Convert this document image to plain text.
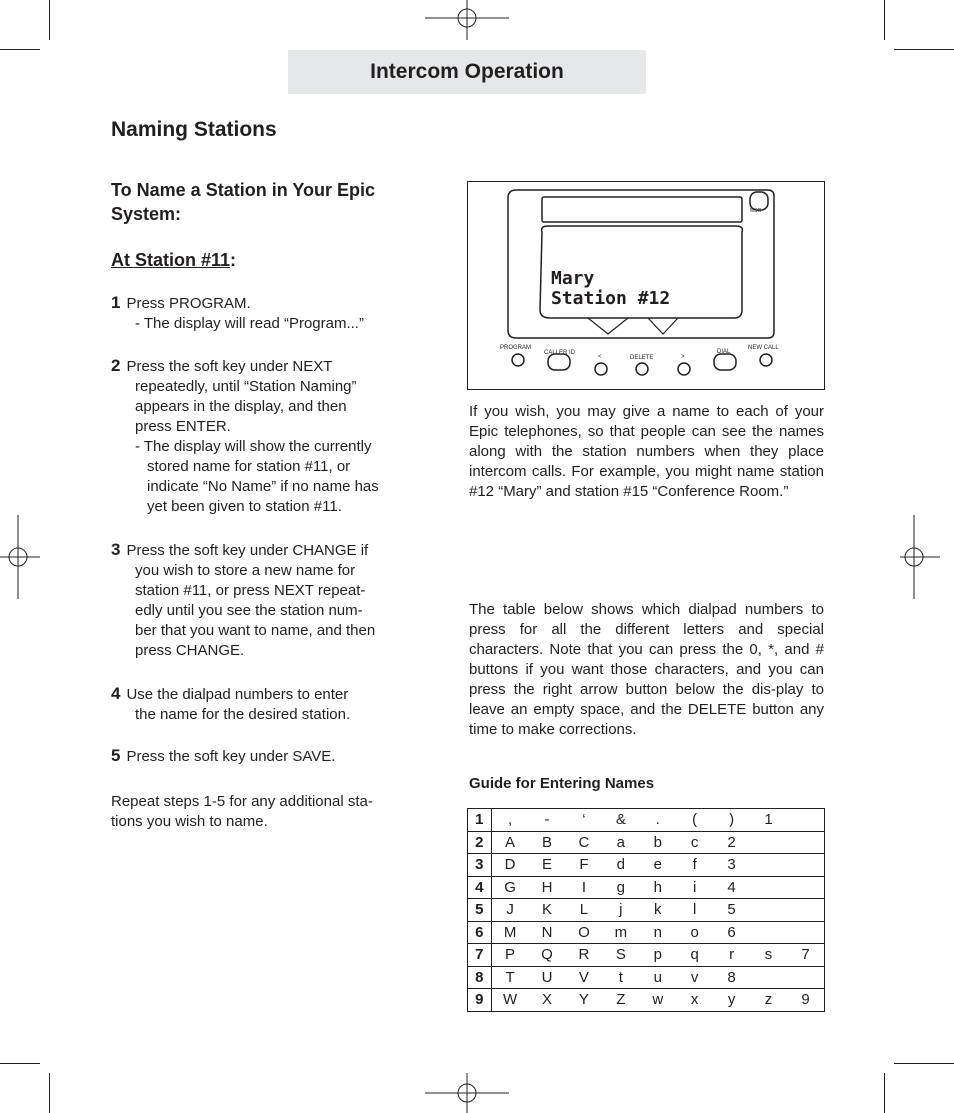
Intercom Operation
Naming Stations
To Name a Station in Your Epic
System:
At Station #11:
1 Press PROGRAM.
- The display will read “Program...”
2 Press the soft key under NEXT
repeatedly, until “Station Naming”
appears in the display, and then
press ENTER.
- The display will show the currently
stored name for station #11, or
indicate “No Name” if no name has
yet been given to station #11.
3 Press the soft key under CHANGE if
you wish to store a new name for
station #11, or press NEXT repeat-
edly until you see the station num-
ber that you want to name, and then
press CHANGE.
4 Use the dialpad numbers to enter
the name for the desired station.
5 Press the soft key under SAVE.
Repeat steps 1-5 for any additional sta-
tions you wish to name.
MSG
Mary
Station #12
PROGRAM
CALLER ID
<	DELETE	>
DIAL
NEW CALL
If you wish, you may give a name to each of your Epic telephones, so that people can see the names along with the station numbers when they place intercom calls. For example, you might name station #12 “Mary” and station #15 “Conference Room.”
The table below shows which dialpad numbers to press for all the different letters and special characters. Note that you can press the 0, *, and # buttons if you want those characters, and you can press the right arrow button below the dis-play to leave an empty space, and the DELETE button any time to make corrections.
Guide for Entering Names
1	,	-	‘	&	.	(	)	1	
2	A	B	C	a	b	c	2		
3	D	E	F	d	e	f	3		
4	G	H	I	g	h	i	4		
5	J	K	L	j	k	l	5		
6	M	N	O	m	n	o	6		
7	P	Q	R	S	p	q	r	s	7
8	T	U	V	t	u	v	8		
9	W	X	Y	Z	w	x	y	z	9
